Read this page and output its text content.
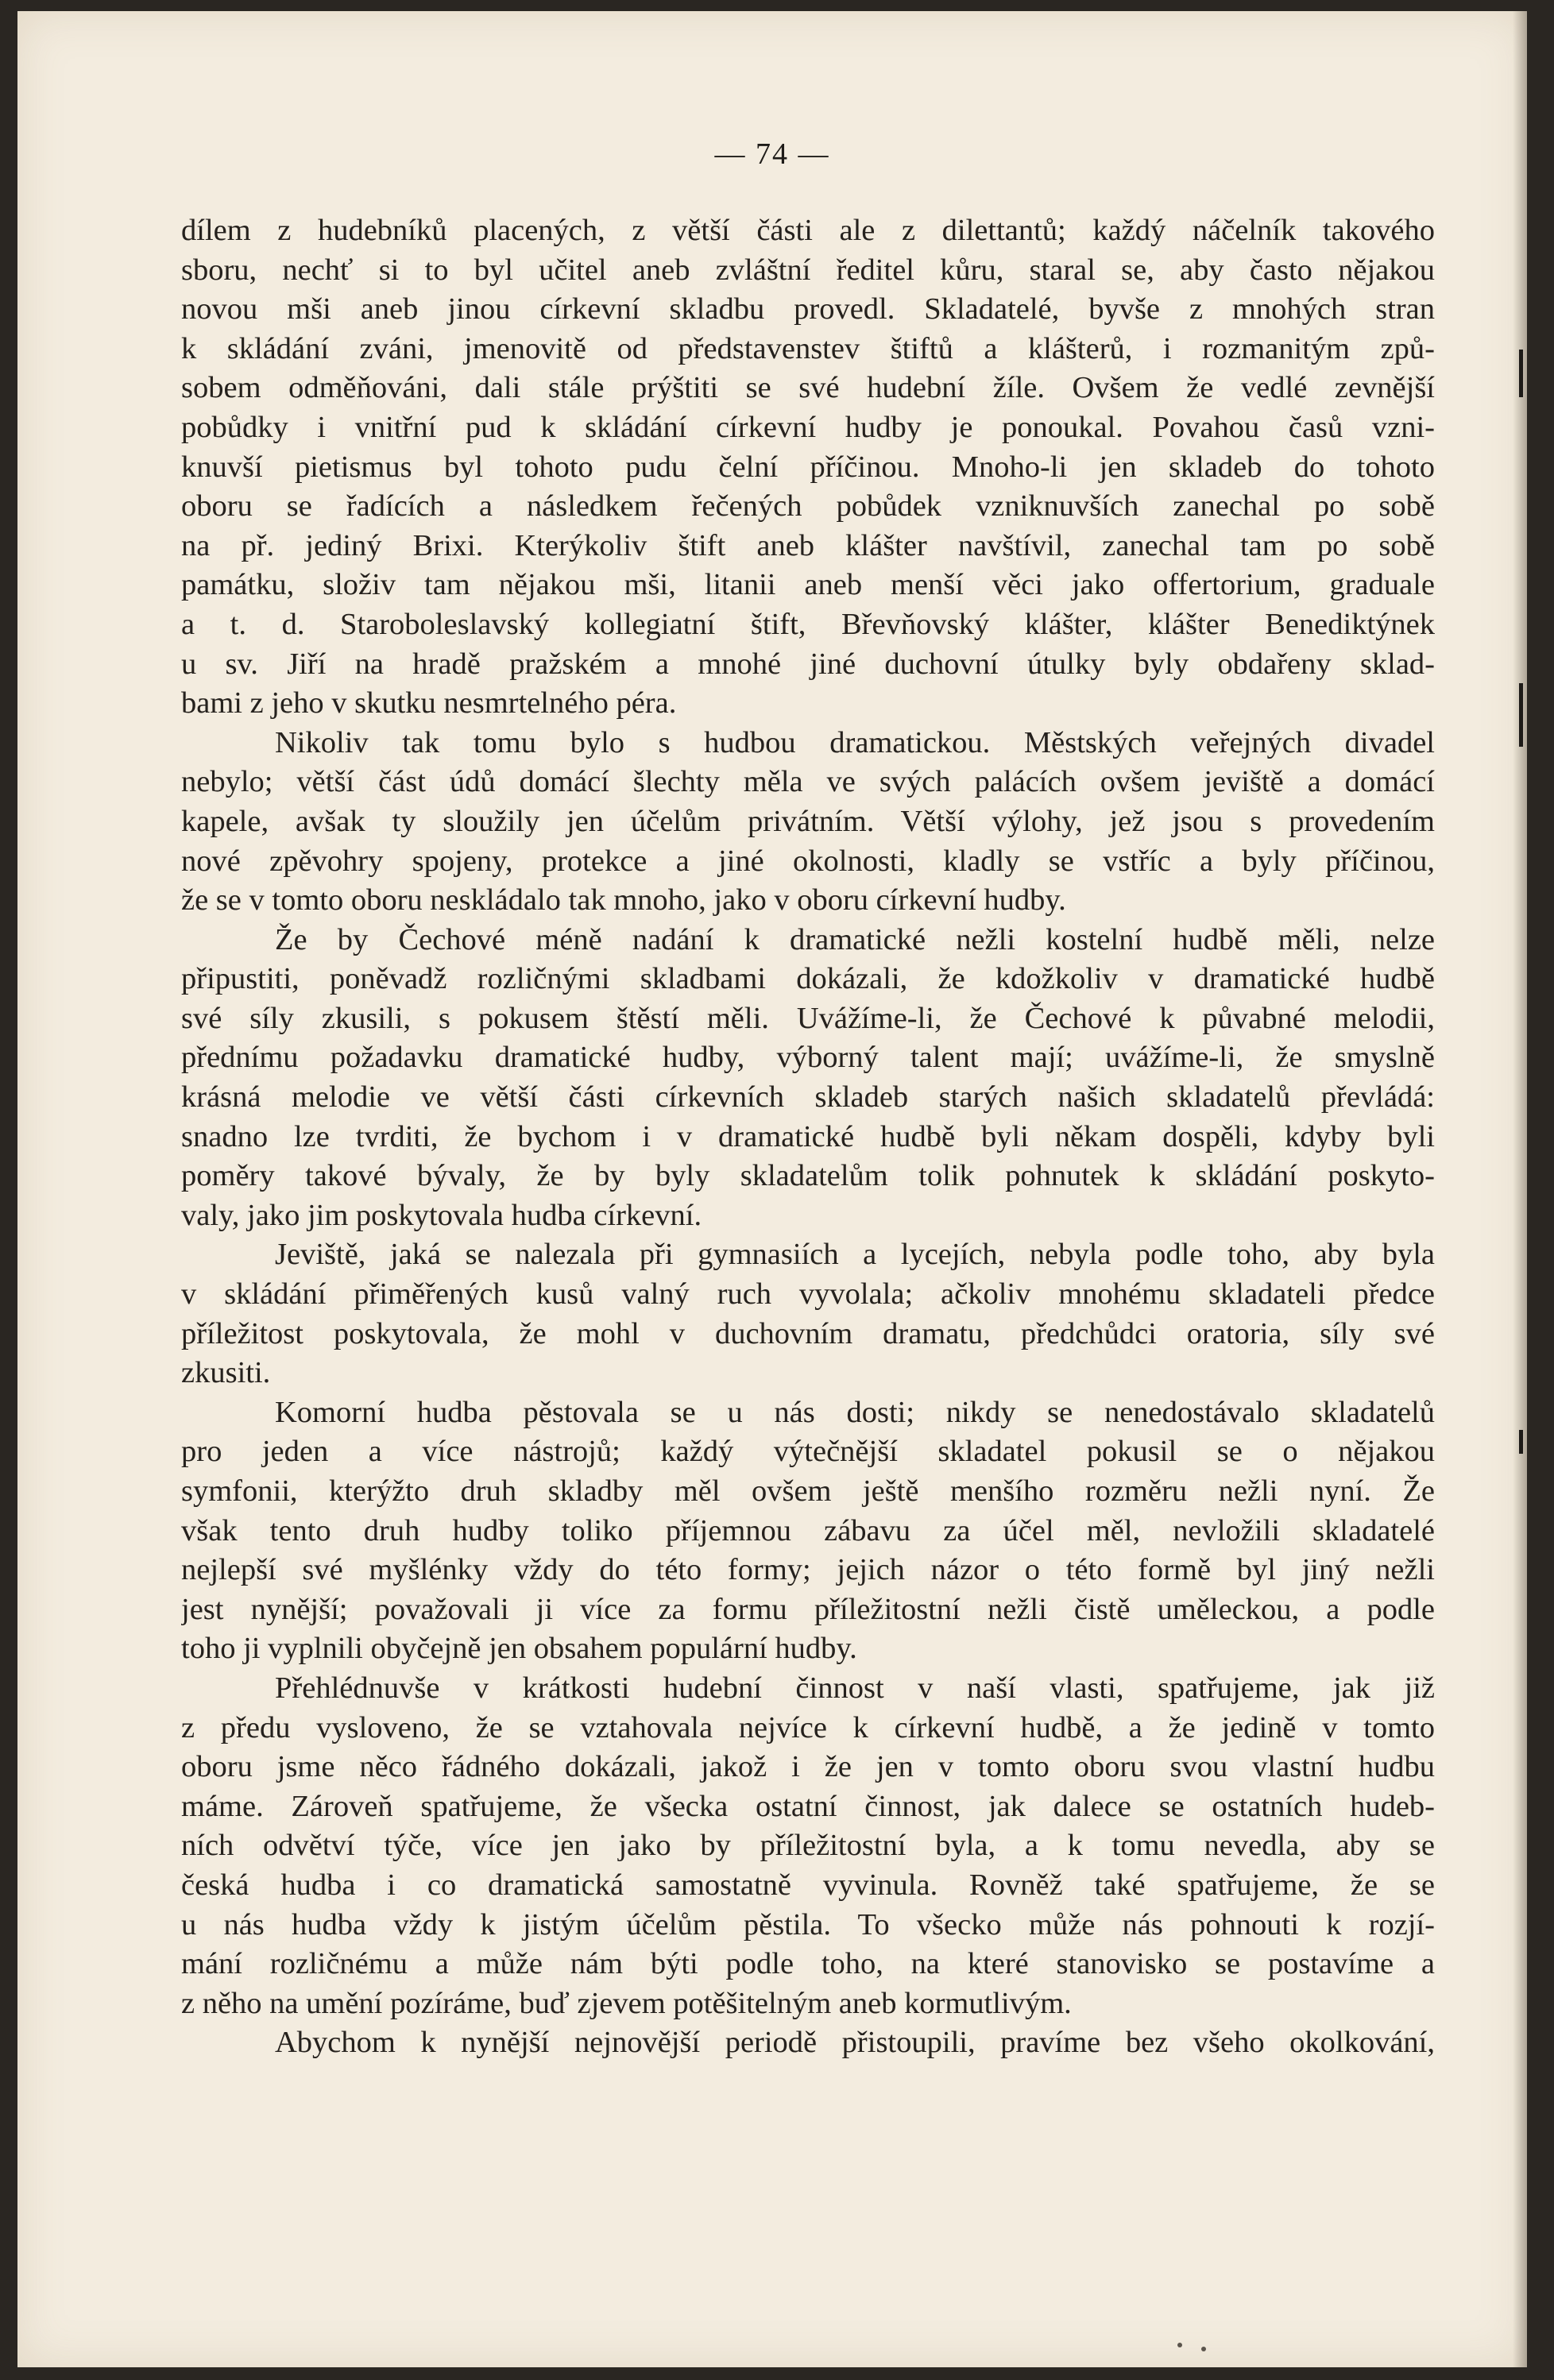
— 74 —
dílem z hudebníků placených, z větší části ale z dilettantů; každý náčelník takového
sboru, nechť si to byl učitel aneb zvláštní ředitel kůru, staral se, aby často nějakou
novou mši aneb jinou církevní skladbu provedl. Skladatelé, byvše z mnohých stran
k skládání zváni, jmenovitě od představenstev štiftů a klášterů, i rozmanitým způ-
sobem odměňováni, dali stále prýštiti se své hudební žíle. Ovšem že vedlé zevnější
pobůdky i vnitřní pud k skládání církevní hudby je ponoukal. Povahou časů vzni-
knuvší pietismus byl tohoto pudu čelní příčinou. Mnoho-li jen skladeb do tohoto
oboru se řadících a následkem řečených pobůdek vzniknuvších zanechal po sobě
na př. jediný Brixi. Kterýkoliv štift aneb klášter navštívil, zanechal tam po sobě
památku, složiv tam nějakou mši, litanii aneb menší věci jako offertorium, graduale
a t. d. Staroboleslavský kollegiatní štift, Břevňovský klášter, klášter Benediktýnek
u sv. Jiří na hradě pražském a mnohé jiné duchovní útulky byly obdařeny sklad-
bami z jeho v skutku nesmrtelného péra.
Nikoliv tak tomu bylo s hudbou dramatickou. Městských veřejných divadel
nebylo; větší část údů domácí šlechty měla ve svých palácích ovšem jeviště a domácí
kapele, avšak ty sloužily jen účelům privátním. Větší výlohy, jež jsou s provedením
nové zpěvohry spojeny, protekce a jiné okolnosti, kladly se vstříc a byly příčinou,
že se v tomto oboru neskládalo tak mnoho, jako v oboru církevní hudby.
Že by Čechové méně nadání k dramatické nežli kostelní hudbě měli, nelze
připustiti, poněvadž rozličnými skladbami dokázali, že kdožkoliv v dramatické hudbě
své síly zkusili, s pokusem štěstí měli. Uvážíme-li, že Čechové k půvabné melodii,
přednímu požadavku dramatické hudby, výborný talent mají; uvážíme-li, že smyslně
krásná melodie ve větší části církevních skladeb starých našich skladatelů převládá:
snadno lze tvrditi, že bychom i v dramatické hudbě byli někam dospěli, kdyby byli
poměry takové bývaly, že by byly skladatelům tolik pohnutek k skládání poskyto-
valy, jako jim poskytovala hudba církevní.
Jeviště, jaká se nalezala při gymnasiích a lycejích, nebyla podle toho, aby byla
v skládání přiměřených kusů valný ruch vyvolala; ačkoliv mnohému skladateli předce
příležitost poskytovala, že mohl v duchovním dramatu, předchůdci oratoria, síly své
zkusiti.
Komorní hudba pěstovala se u nás dosti; nikdy se nenedostávalo skladatelů
pro jeden a více nástrojů; každý výtečnější skladatel pokusil se o nějakou
symfonii, kterýžto druh skladby měl ovšem ještě menšího rozměru nežli nyní. Že
však tento druh hudby toliko příjemnou zábavu za účel měl, nevložili skladatelé
nejlepší své myšlénky vždy do této formy; jejich názor o této formě byl jiný nežli
jest nynější; považovali ji více za formu příležitostní nežli čistě uměleckou, a podle
toho ji vyplnili obyčejně jen obsahem populární hudby.
Přehlédnuvše v krátkosti hudební činnost v naší vlasti, spatřujeme, jak již
z předu vysloveno, že se vztahovala nejvíce k církevní hudbě, a že jedině v tomto
oboru jsme něco řádného dokázali, jakož i že jen v tomto oboru svou vlastní hudbu
máme. Zároveň spatřujeme, že všecka ostatní činnost, jak dalece se ostatních hudeb-
ních odvětví týče, více jen jako by příležitostní byla, a k tomu nevedla, aby se
česká hudba i co dramatická samostatně vyvinula. Rovněž také spatřujeme, že se
u nás hudba vždy k jistým účelům pěstila. To všecko může nás pohnouti k rozjí-
mání rozličnému a může nám býti podle toho, na které stanovisko se postavíme a
z něho na umění pozíráme, buď zjevem potěšitelným aneb kormutlivým.
Abychom k nynější nejnovější periodě přistoupili, pravíme bez všeho okolkování,
